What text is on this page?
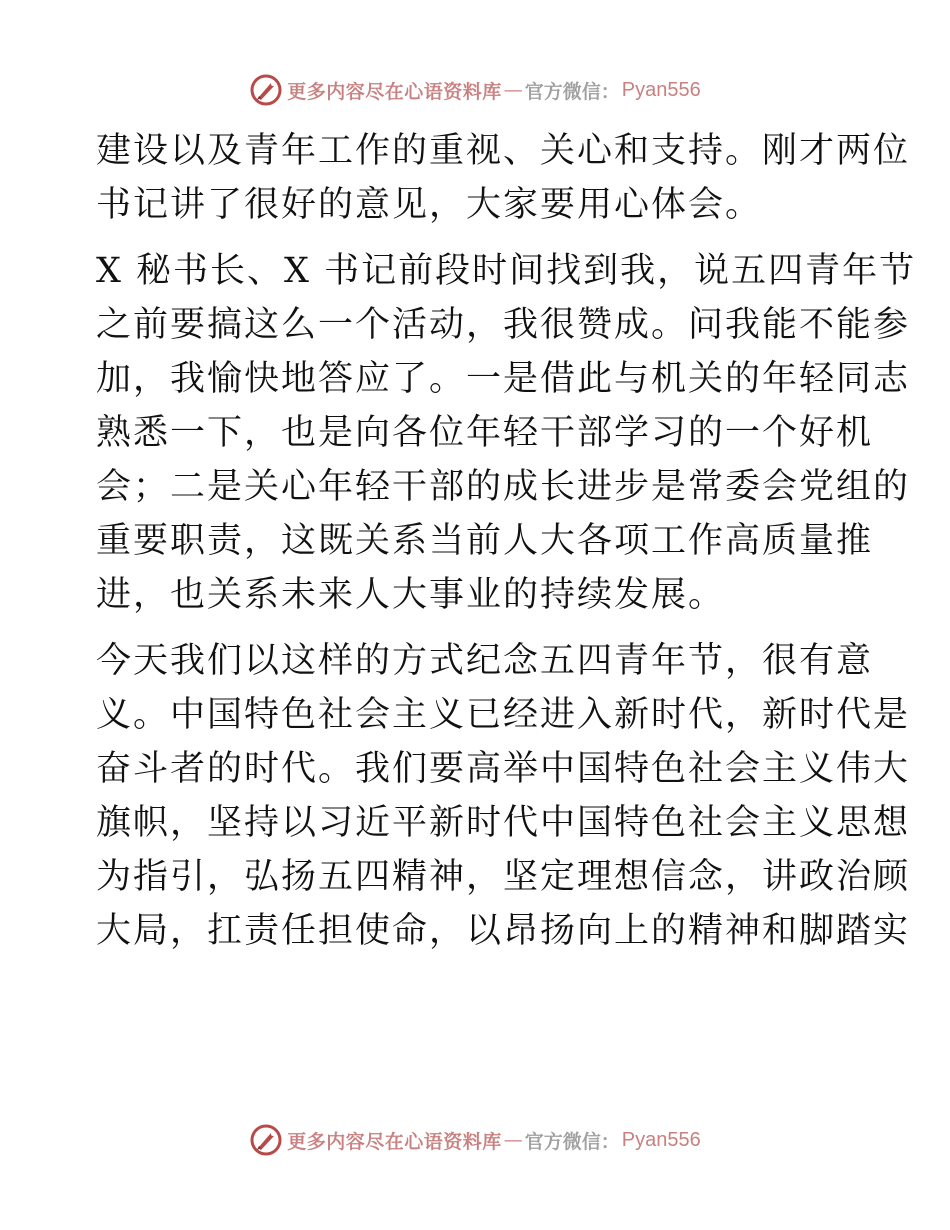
更多内容尽在心语资料库 — 官方微信： Pyan556
建设以及青年工作的重视、关心和支持。刚才两位
书记讲了很好的意见，大家要用心体会。
X 秘书长、X 书记前段时间找到我，说五四青年节
之前要搞这么一个活动，我很赞成。问我能不能参
加，我愉快地答应了。一是借此与机关的年轻同志
熟悉一下，也是向各位年轻干部学习的一个好机
会；二是关心年轻干部的成长进步是常委会党组的
重要职责，这既关系当前人大各项工作高质量推
进，也关系未来人大事业的持续发展。
今天我们以这样的方式纪念五四青年节，很有意
义。中国特色社会主义已经进入新时代，新时代是
奋斗者的时代。我们要高举中国特色社会主义伟大
旗帜，坚持以习近平新时代中国特色社会主义思想
为指引，弘扬五四精神，坚定理想信念，讲政治顾
大局，扛责任担使命，以昂扬向上的精神和脚踏实
更多内容尽在心语资料库 — 官方微信： Pyan556
